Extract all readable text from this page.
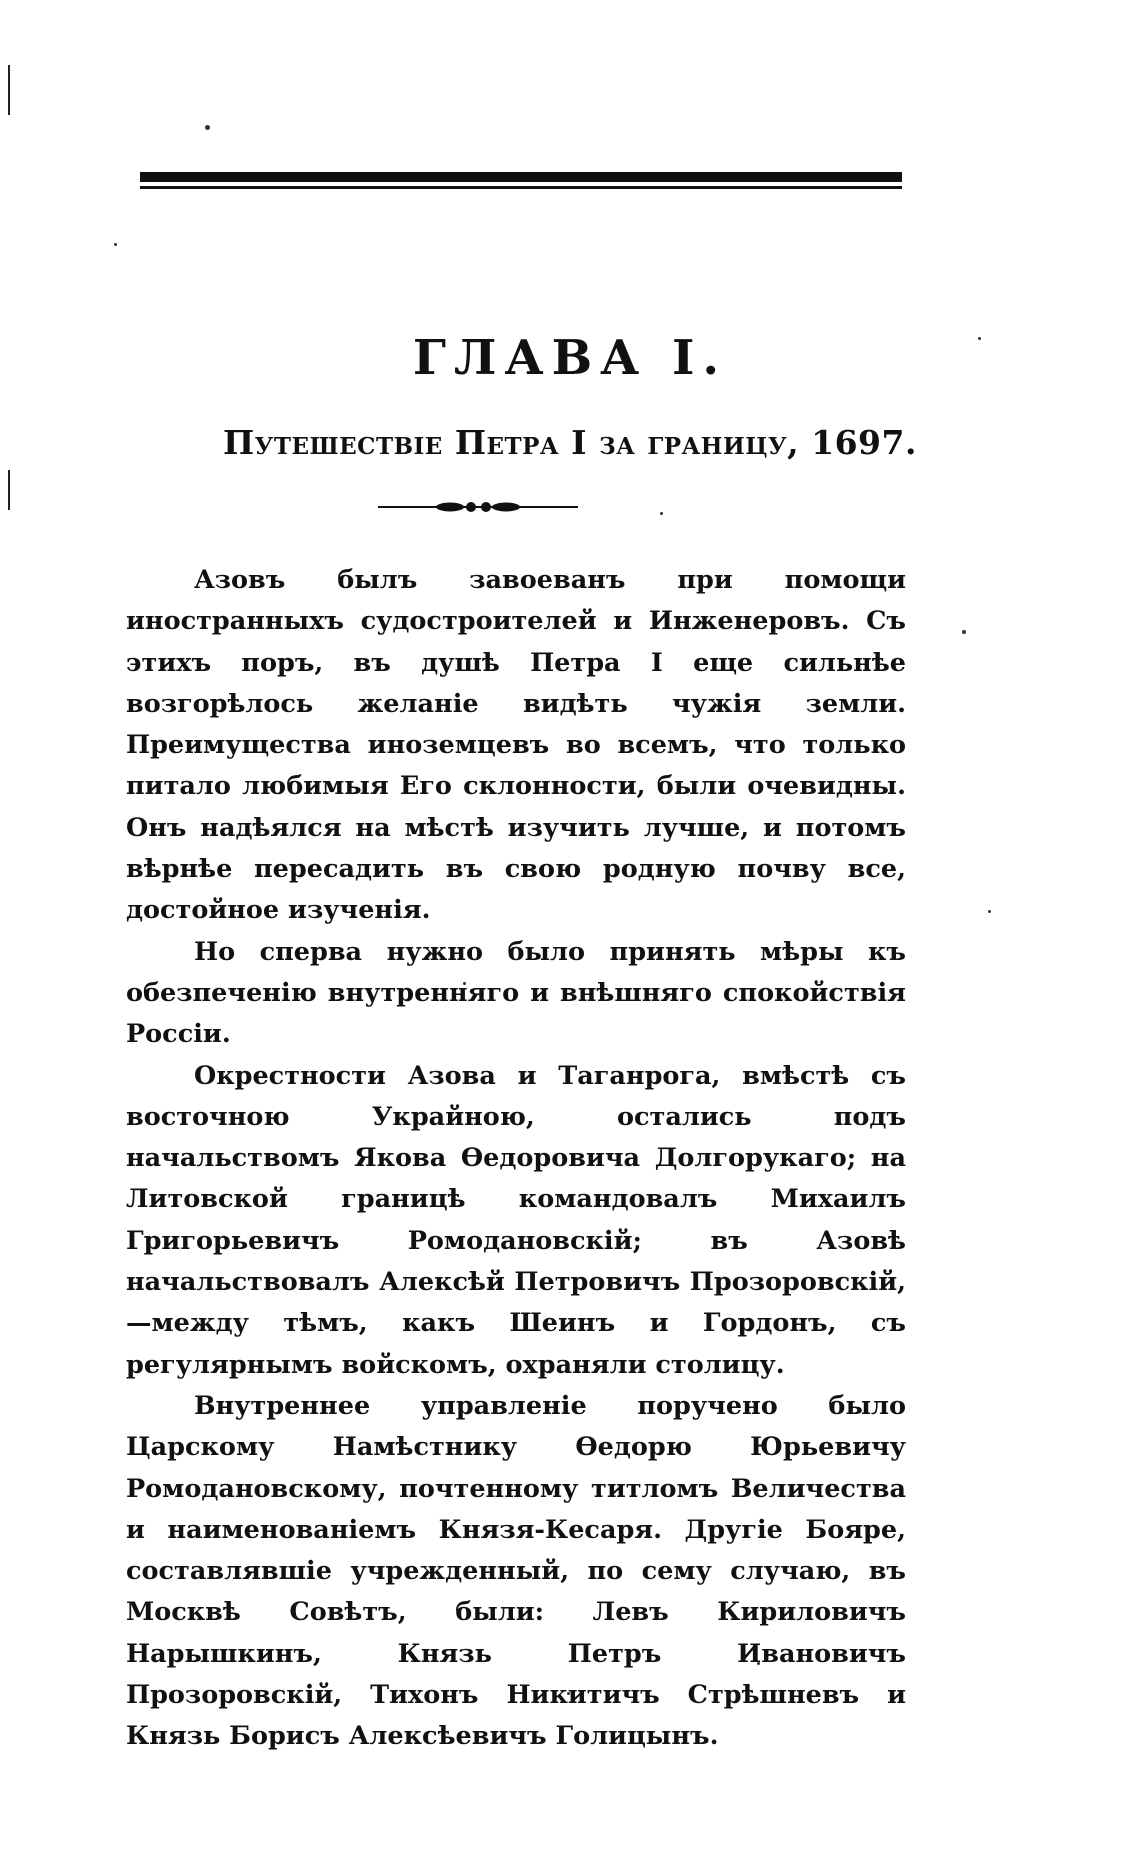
ГЛАВА I.
Путешествіе Петра I за границу, 1697.

Азовъ былъ завоеванъ при помощи иностранныхъ судостроителей и Инженеровъ. Съ этихъ поръ, въ душѣ Петра I еще сильнѣе возгорѣлось желаніе видѣть чужія земли. Преимущества иноземцевъ во всемъ, что только питало любимыя Его склонности, были очевидны. Онъ надѣялся на мѣстѣ изучить лучше, и потомъ вѣрнѣе пересадить въ свою родную почву все, достойное изученія.

Но сперва нужно было принять мѣры къ обезпеченію внутренняго и внѣшняго спокойствія Россіи.

Окрестности Азова и Таганрога, вмѣстѣ съ восточною Украйною, остались подъ начальствомъ Якова Ѳедоровича Долгорукаго; на Литовской границѣ командовалъ Михаилъ Григорьевичъ Ромодановскій; въ Азовѣ начальствовалъ Алексѣй Петровичъ Прозоровскій,—между тѣмъ, какъ Шеинъ и Гордонъ, съ регулярнымъ войскомъ, охраняли столицу.

Внутреннее управленіе поручено было Царскому Намѣстнику Ѳедорю Юрьевичу Ромодановскому, почтенному титломъ Величества и наименованіемъ Князя-Кесаря. Другіе Бояре, составлявшіе учрежденный, по сему случаю, въ Москвѣ Совѣтъ, были: Левъ Кириловичъ Нарышкинъ, Князь Петръ Ивановичъ Прозоровскій, Тихонъ Никитичъ Стрѣшневъ и Князь Борисъ Алексѣевичъ Голицынъ.
